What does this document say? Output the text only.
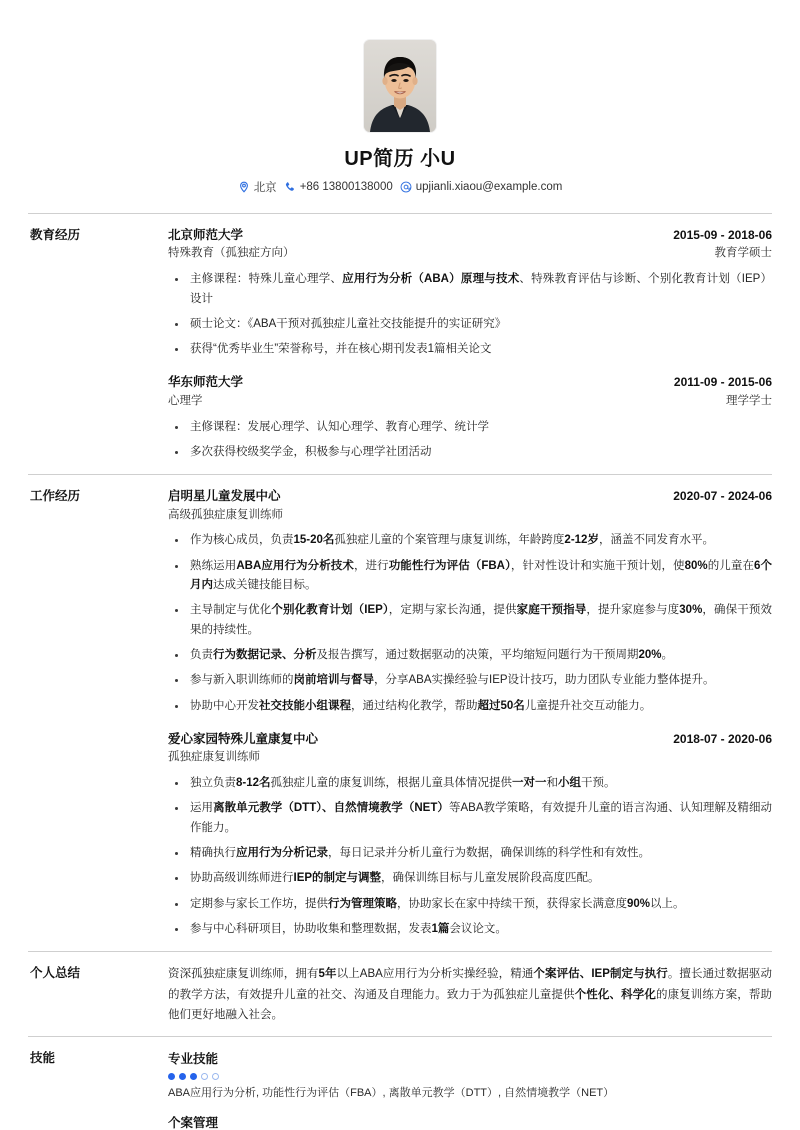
UP简历 小U
北京 +86 13800138000 upjianli.xiaou@example.com
教育经历	北京师范大学	2015-09 - 2018-06
特殊教育（孤独症方向）	教育学硕士
主修课程：特殊儿童心理学、应用行为分析（ABA）原理与技术、特殊教育评估与诊断、个别化教育计划（IEP）设计
硕士论文：《ABA干预对孤独症儿童社交技能提升的实证研究》
获得“优秀毕业生”荣誉称号，并在核心期刊发表1篇相关论文
华东师范大学	2011-09 - 2015-06
心理学	理学学士
主修课程：发展心理学、认知心理学、教育心理学、统计学
多次获得校级奖学金，积极参与心理学社团活动
工作经历	启明星儿童发展中心	2020-07 - 2024-06
高级孤独症康复训练师
作为核心成员，负责15-20名孤独症儿童的个案管理与康复训练，年龄跨度2-12岁，涵盖不同发育水平。
熟练运用ABA应用行为分析技术，进行功能性行为评估（FBA），针对性设计和实施干预计划，使80%的儿童在6个月内达成关键技能目标。
主导制定与优化个别化教育计划（IEP），定期与家长沟通，提供家庭干预指导，提升家庭参与度30%，确保干预效果的持续性。
负责行为数据记录、分析及报告撰写，通过数据驱动的决策，平均缩短问题行为干预周期20%。
参与新入职训练师的岗前培训与督导，分享ABA实操经验与IEP设计技巧，助力团队专业能力整体提升。
协助中心开发社交技能小组课程，通过结构化教学，帮助超过50名儿童提升社交互动能力。
爱心家园特殊儿童康复中心	2018-07 - 2020-06
孤独症康复训练师
独立负责8-12名孤独症儿童的康复训练，根据儿童具体情况提供一对一和小组干预。
运用离散单元教学（DTT）、自然情境教学（NET）等ABA教学策略，有效提升儿童的语言沟通、认知理解及精细动作能力。
精确执行应用行为分析记录，每日记录并分析儿童行为数据，确保训练的科学性和有效性。
协助高级训练师进行IEP的制定与调整，确保训练目标与儿童发展阶段高度匹配。
定期参与家长工作坊，提供行为管理策略，协助家长在家中持续干预，获得家长满意度90%以上。
参与中心科研项目，协助收集和整理数据，发表1篇会议论文。
个人总结	资深孤独症康复训练师，拥有5年以上ABA应用行为分析实操经验，精通个案评估、IEP制定与执行。擅长通过数据驱动的教学方法，有效提升儿童的社交、沟通及自理能力。致力于为孤独症儿童提供个性化、科学化的康复训练方案，帮助他们更好地融入社会。
技能	专业技能
ABA应用行为分析, 功能性行为评估（FBA）, 离散单元教学（DTT）, 自然情境教学（NET）
个案管理
